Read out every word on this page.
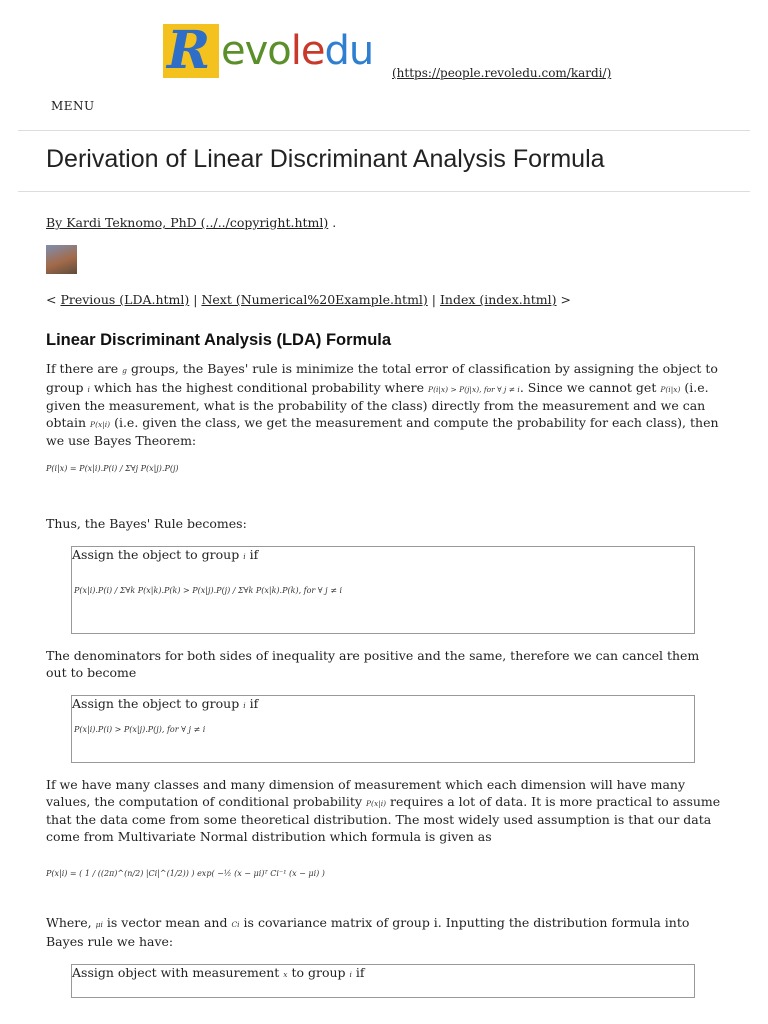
R evoledu (https://people.revoledu.com/kardi/)
MENU
Derivation of Linear Discriminant Analysis Formula
By Kardi Teknomo, PhD (../../copyright.html) .
< Previous (LDA.html) | Next (Numerical%20Example.html) | Index (index.html) >
Linear Discriminant Analysis (LDA) Formula

If there are g groups, the Bayes' rule is minimize the total error of classification by assigning the object to group i which has the highest conditional probability where P(i|x) > P(j|x), for ∀ j ≠ i. Since we cannot get P(i|x) (i.e. given the measurement, what is the probability of the class) directly from the measurement and we can obtain P(x|i) (i.e. given the class, we get the measurement and compute the probability for each class), then we use Bayes Theorem:

P(i|x) = P(x|i).P(i) / Σ∀j P(x|j).P(j)

Thus, the Bayes' Rule becomes:

Assign the object to group i if
P(x|i).P(i) / Σ∀k P(x|k).P(k) > P(x|j).P(j) / Σ∀k P(x|k).P(k), for ∀ j ≠ i

The denominators for both sides of inequality are positive and the same, therefore we can cancel them out to become

Assign the object to group i if
P(x|i).P(i) > P(x|j).P(j), for ∀ j ≠ i

If we have many classes and many dimension of measurement which each dimension will have many values, the computation of conditional probability P(x|i) requires a lot of data. It is more practical to assume that the data come from some theoretical distribution. The most widely used assumption is that our data come from Multivariate Normal distribution which formula is given as

P(x|i) = ( 1 / ((2π)^(n/2) |Ci|^(1/2)) ) exp( −½ (x − μi)ᵀ Ci⁻¹ (x − μi) )

Where, μi is vector mean and Ci is covariance matrix of group i. Inputting the distribution formula into Bayes rule we have:

Assign object with measurement x to group i if
